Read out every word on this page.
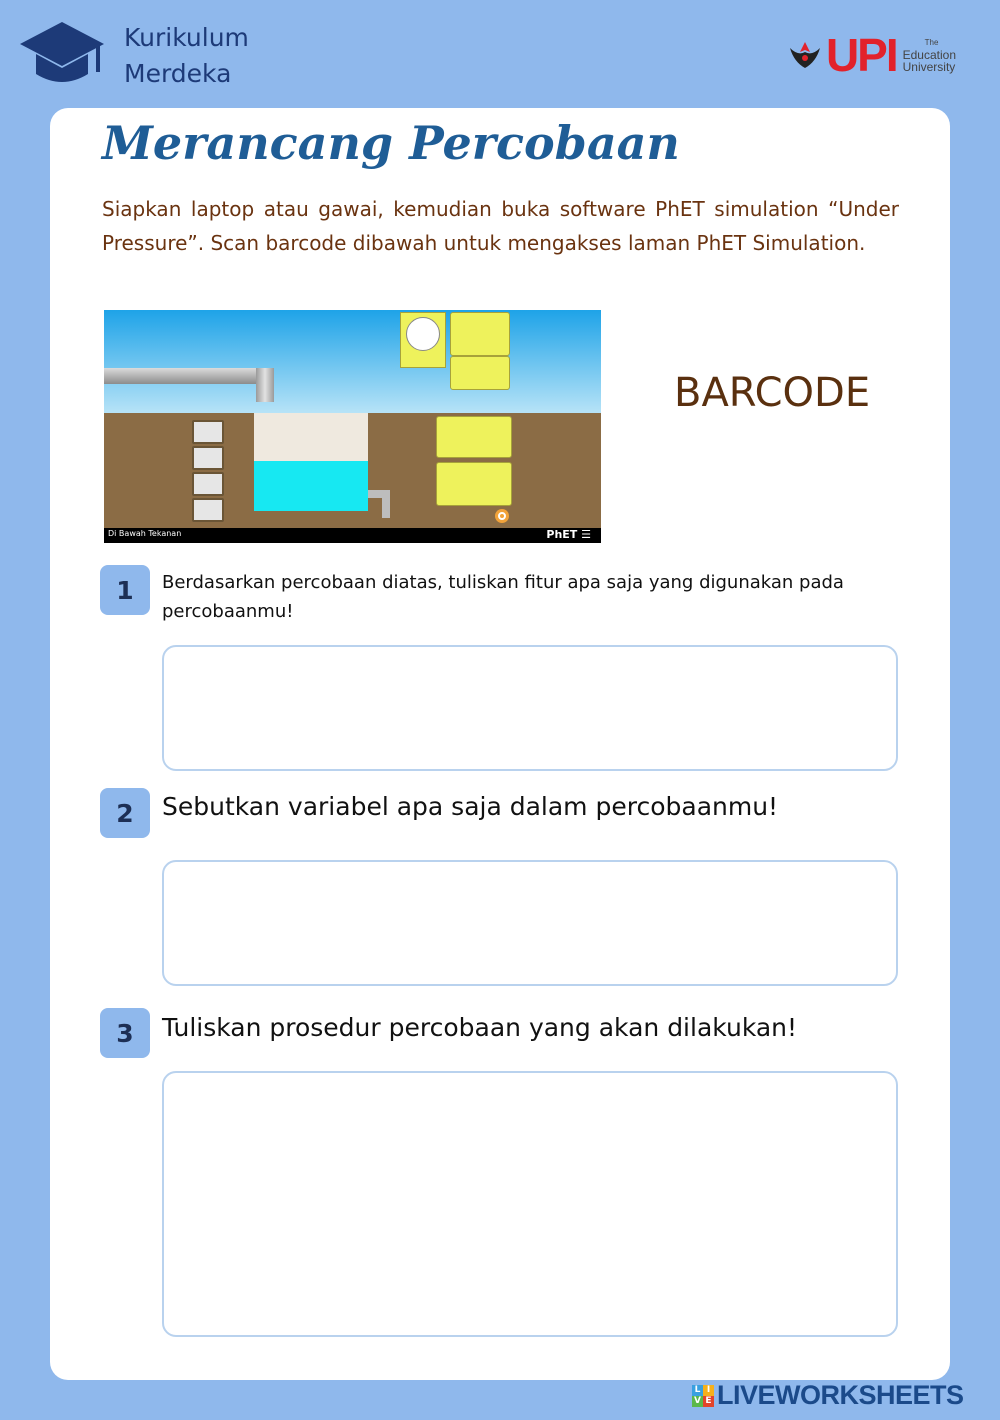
Kurikulum
Merdeka	UPI	The
Education
University
Merancang Percobaan

Siapkan laptop atau gawai, kemudian buka software PhET simulation “Under Pressure”. Scan barcode dibawah untuk mengakses laman PhET Simulation.

Di Bawah Tekanan	PhET ☰

BARCODE

1	Berdasarkan percobaan diatas, tuliskan fitur apa saja yang digunakan pada percobaanmu!

2	Sebutkan variabel apa saja dalam percobaanmu!

3	Tuliskan prosedur percobaan yang akan dilakukan!

L I
V E LIVEWORKSHEETS
